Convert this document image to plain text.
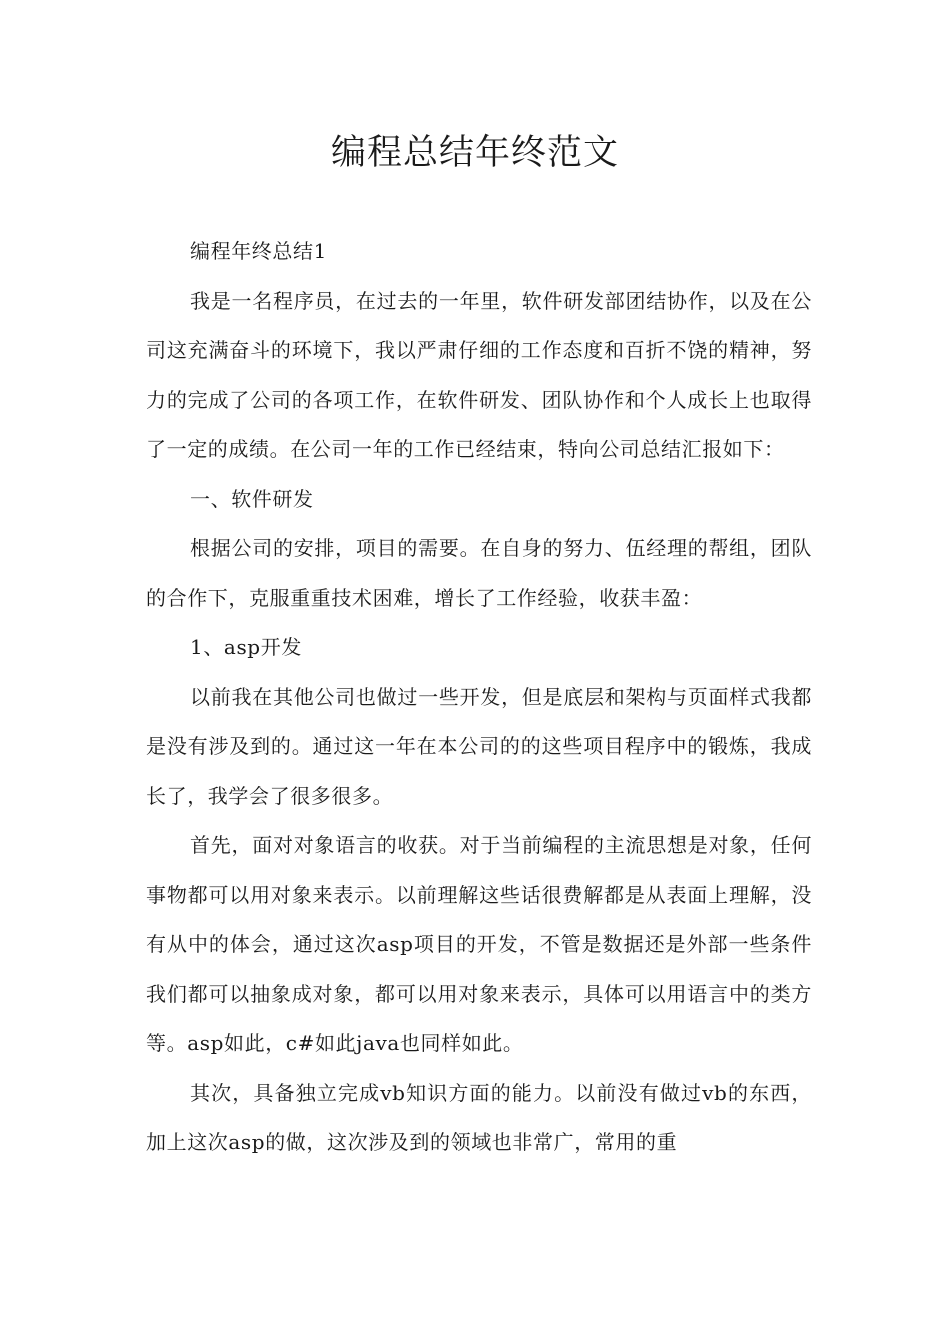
编程总结年终范文

编程年终总结1

我是一名程序员，在过去的一年里，软件研发部团结协作，以及在公司这充满奋斗的环境下，我以严肃仔细的工作态度和百折不饶的精神，努力的完成了公司的各项工作，在软件研发、团队协作和个人成长上也取得了一定的成绩。在公司一年的工作已经结束，特向公司总结汇报如下：

一、软件研发

根据公司的安排，项目的需要。在自身的努力、伍经理的帮组，团队的合作下，克服重重技术困难，增长了工作经验，收获丰盈：

1、asp开发

以前我在其他公司也做过一些开发，但是底层和架构与页面样式我都是没有涉及到的。通过这一年在本公司的的这些项目程序中的锻炼，我成长了，我学会了很多很多。

首先，面对对象语言的收获。对于当前编程的主流思想是对象，任何事物都可以用对象来表示。以前理解这些话很费解都是从表面上理解，没有从中的体会，通过这次asp项目的开发，不管是数据还是外部一些条件我们都可以抽象成对象，都可以用对象来表示，具体可以用语言中的类方等。asp如此，c#如此java也同样如此。

其次，具备独立完成vb知识方面的能力。以前没有做过vb的东西，加上这次asp的做，这次涉及到的领域也非常广，常用的重
